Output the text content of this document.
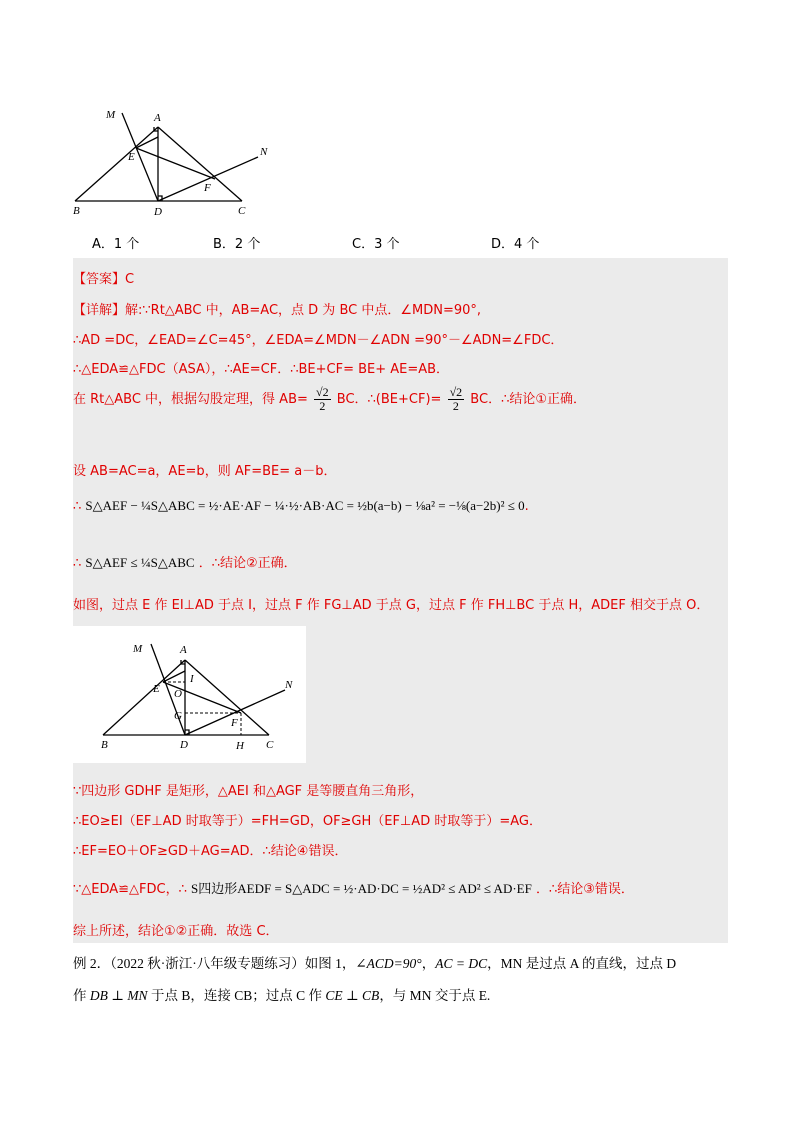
M	A
E	N
F
B	D	C
A．1 个	B．2 个	C．3 个	D．4 个
【答案】C
【详解】解:∵Rt△ABC 中，AB=AC，点 D 为 BC 中点．∠MDN=90°,
∴AD =DC，∠EAD=∠C=45°，∠EDA=∠MDN－∠ADN =90°－∠ADN=∠FDC．
∴△EDA≌△FDC（ASA），∴AE=CF．∴BE+CF= BE+ AE=AB．
在 Rt△ABC 中，根据勾股定理，得 $AB= \frac{√2}{2}$ BC．∴(BE+CF)= $\frac{√2}{2}$ BC．∴结论①正确．
设 AB=AC=a，AE=b，则 AF=BE= a－b．
∴ S△AEF − ¼S△ABC = ½·AE·AF − ¼·½·AB·AC = ½b(a−b) − ⅛a² = −⅛(a−2b)² ≤ 0.
∴ S△AEF ≤ ¼S△ABC ．∴结论②正确．
如图，过点 E 作 EI⊥AD 于点 I，过点 F 作 FG⊥AD 于点 G，过点 F 作 FH⊥BC 于点 H，ADEF 相交于点 O．
M	A
E O
I
G
F
N
B	D	H C
∵四边形 GDHF 是矩形，△AEI 和△AGF 是等腰直角三角形，
∴EO≥EI（EF⊥AD 时取等于）=FH=GD，OF≥GH（EF⊥AD 时取等于）=AG．
∴EF=EO＋OF≥GD＋AG=AD．∴结论④错误．
∵△EDA≌△FDC，∴ S四边形AEDF = S△ADC = ½·AD·DC = ½AD² ≤ AD² ≤ AD·EF ．∴结论③错误．
综上所述，结论①②正确．故选 C．
例 2．（2022 秋·浙江·八年级专题练习）如图 1，∠ACD=90°，AC = DC，MN 是过点 A 的直线，过点 D
作 DB ⊥ MN 于点 B，连接 CB；过点 C 作 CE ⊥ CB，与 MN 交于点 E.
